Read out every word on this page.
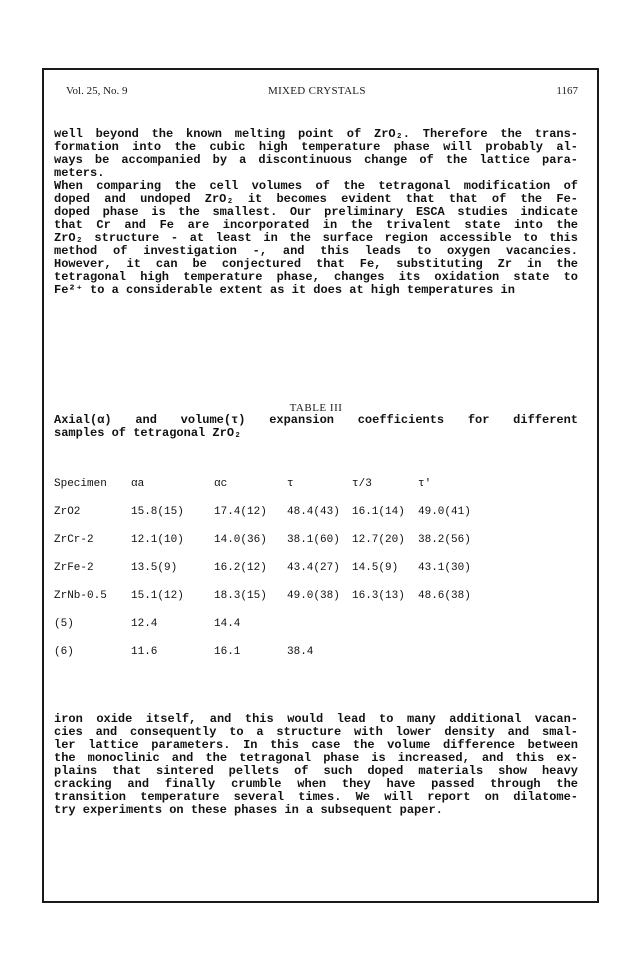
Vol. 25, No. 9	MIXED CRYSTALS	1167
well beyond the known melting point of ZrO₂. Therefore the trans-
formation into the cubic high temperature phase will probably al-
ways be accompanied by a discontinuous change of the lattice para-
meters.
When comparing the cell volumes of the tetragonal modification of
doped and undoped ZrO₂ it becomes evident that that of the Fe-
doped phase is the smallest. Our preliminary ESCA studies indicate
that Cr and Fe are incorporated in the trivalent state into the
ZrO₂ structure - at least in the surface region accessible to this
method of investigation -, and this leads to oxygen vacancies.
However, it can be conjectured that Fe, substituting Zr in the
tetragonal high temperature phase, changes its oxidation state to
Fe²⁺ to a considerable extent as it does at high temperatures in
TABLE III
Axial(α) and volume(τ) expansion coefficients for different
samples of tetragonal ZrO₂
Specimen αa	αc	τ	τ/3	τ'
ZrO2	15.8(15)	17.4(12) 48.4(43) 16.1(14) 49.0(41)
ZrCr-2	12.1(10)	14.0(36) 38.1(60) 12.7(20) 38.2(56)
ZrFe-2	13.5(9)	16.2(12) 43.4(27) 14.5(9) 43.1(30)
ZrNb-0.5 15.1(12)	18.3(15) 49.0(38) 16.3(13) 48.6(38)
(5)	12.4	14.4
(6)	11.6	16.1	38.4
iron oxide itself, and this would lead to many additional vacan-
cies and consequently to a structure with lower density and smal-
ler lattice parameters. In this case the volume difference between
the monoclinic and the tetragonal phase is increased, and this ex-
plains that sintered pellets of such doped materials show heavy
cracking and finally crumble when they have passed through the
transition temperature several times. We will report on dilatome-
try experiments on these phases in a subsequent paper.
